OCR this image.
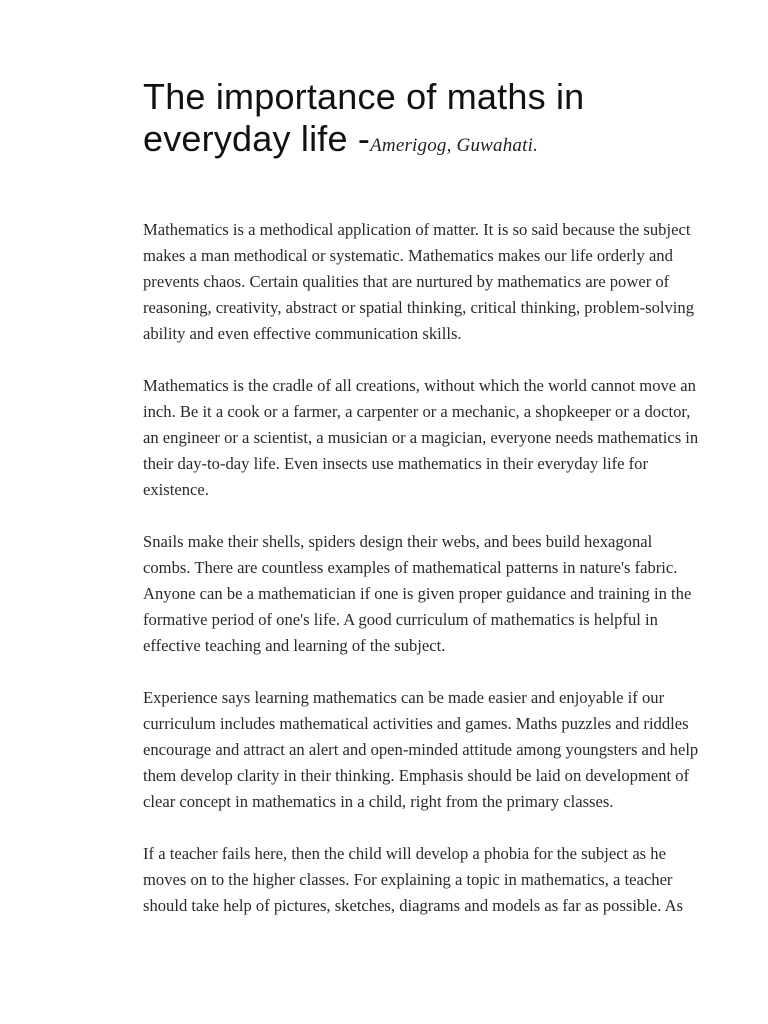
The importance of maths in everyday life -Amerigog, Guwahati.

Mathematics is a methodical application of matter. It is so said because the subject makes a man methodical or systematic. Mathematics makes our life orderly and prevents chaos. Certain qualities that are nurtured by mathematics are power of reasoning, creativity, abstract or spatial thinking, critical thinking, problem-solving ability and even effective communication skills.

Mathematics is the cradle of all creations, without which the world cannot move an inch. Be it a cook or a farmer, a carpenter or a mechanic, a shopkeeper or a doctor, an engineer or a scientist, a musician or a magician, everyone needs mathematics in their day-to-day life. Even insects use mathematics in their everyday life for existence.

Snails make their shells, spiders design their webs, and bees build hexagonal combs. There are countless examples of mathematical patterns in nature's fabric. Anyone can be a mathematician if one is given proper guidance and training in the formative period of one's life. A good curriculum of mathematics is helpful in effective teaching and learning of the subject.

Experience says learning mathematics can be made easier and enjoyable if our curriculum includes mathematical activities and games. Maths puzzles and riddles encourage and attract an alert and open-minded attitude among youngsters and help them develop clarity in their thinking. Emphasis should be laid on development of clear concept in mathematics in a child, right from the primary classes.

If a teacher fails here, then the child will develop a phobia for the subject as he moves on to the higher classes. For explaining a topic in mathematics, a teacher should take help of pictures, sketches, diagrams and models as far as possible. As
